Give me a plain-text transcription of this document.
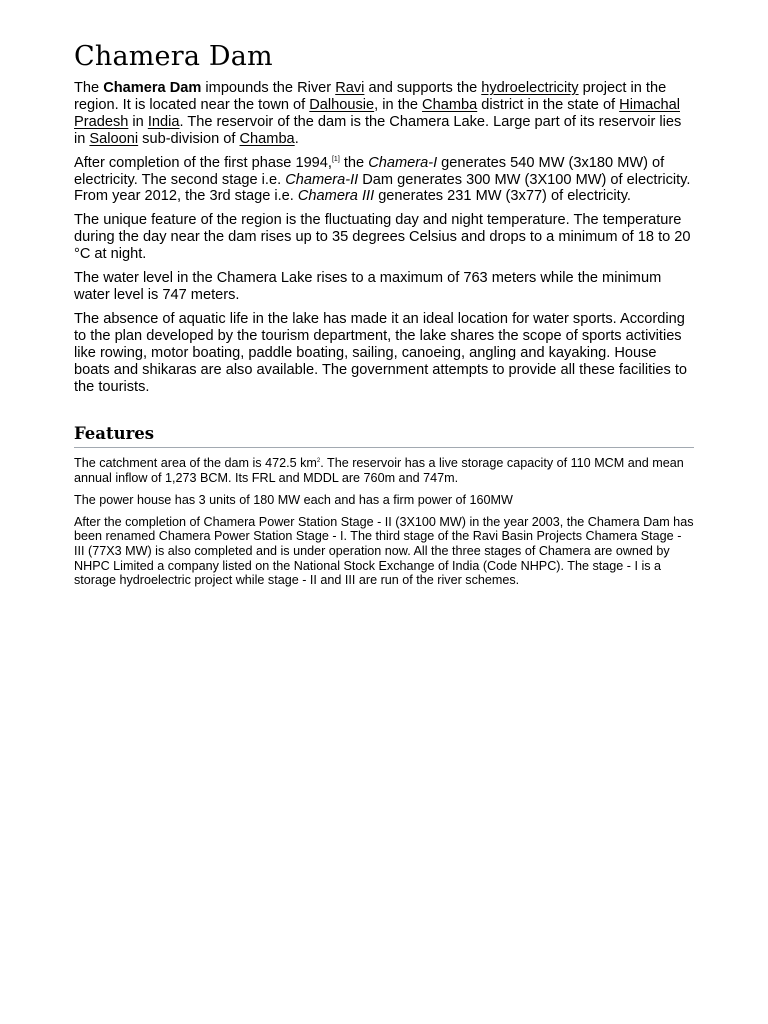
Chamera Dam

The Chamera Dam impounds the River Ravi and supports the hydroelectricity project in the region. It is located near the town of Dalhousie, in the Chamba district in the state of Himachal Pradesh in India. The reservoir of the dam is the Chamera Lake. Large part of its reservoir lies in Salooni sub-division of Chamba.

After completion of the first phase 1994,[1] the Chamera-I generates 540 MW (3x180 MW) of electricity. The second stage i.e. Chamera-II Dam generates 300 MW (3X100 MW) of electricity. From year 2012, the 3rd stage i.e. Chamera III generates 231 MW (3x77) of electricity.

The unique feature of the region is the fluctuating day and night temperature. The temperature during the day near the dam rises up to 35 degrees Celsius and drops to a minimum of 18 to 20 °C at night.

The water level in the Chamera Lake rises to a maximum of 763 meters while the minimum water level is 747 meters.

The absence of aquatic life in the lake has made it an ideal location for water sports. According to the plan developed by the tourism department, the lake shares the scope of sports activities like rowing, motor boating, paddle boating, sailing, canoeing, angling and kayaking. House boats and shikaras are also available. The government attempts to provide all these facilities to the tourists.

Features

The catchment area of the dam is 472.5 $km^2$. The reservoir has a live storage capacity of 110 MCM and mean annual inflow of 1,273 BCM. Its FRL and MDDL are 760m and 747m.

The power house has 3 units of 180 MW each and has a firm power of 160MW

After the completion of Chamera Power Station Stage - II (3X100 MW) in the year 2003, the Chamera Dam has been renamed Chamera Power Station Stage - I. The third stage of the Ravi Basin Projects Chamera Stage - III (77X3 MW) is also completed and is under operation now. All the three stages of Chamera are owned by NHPC Limited a company listed on the National Stock Exchange of India (Code NHPC). The stage - I is a storage hydroelectric project while stage - II and III are run of the river schemes.
